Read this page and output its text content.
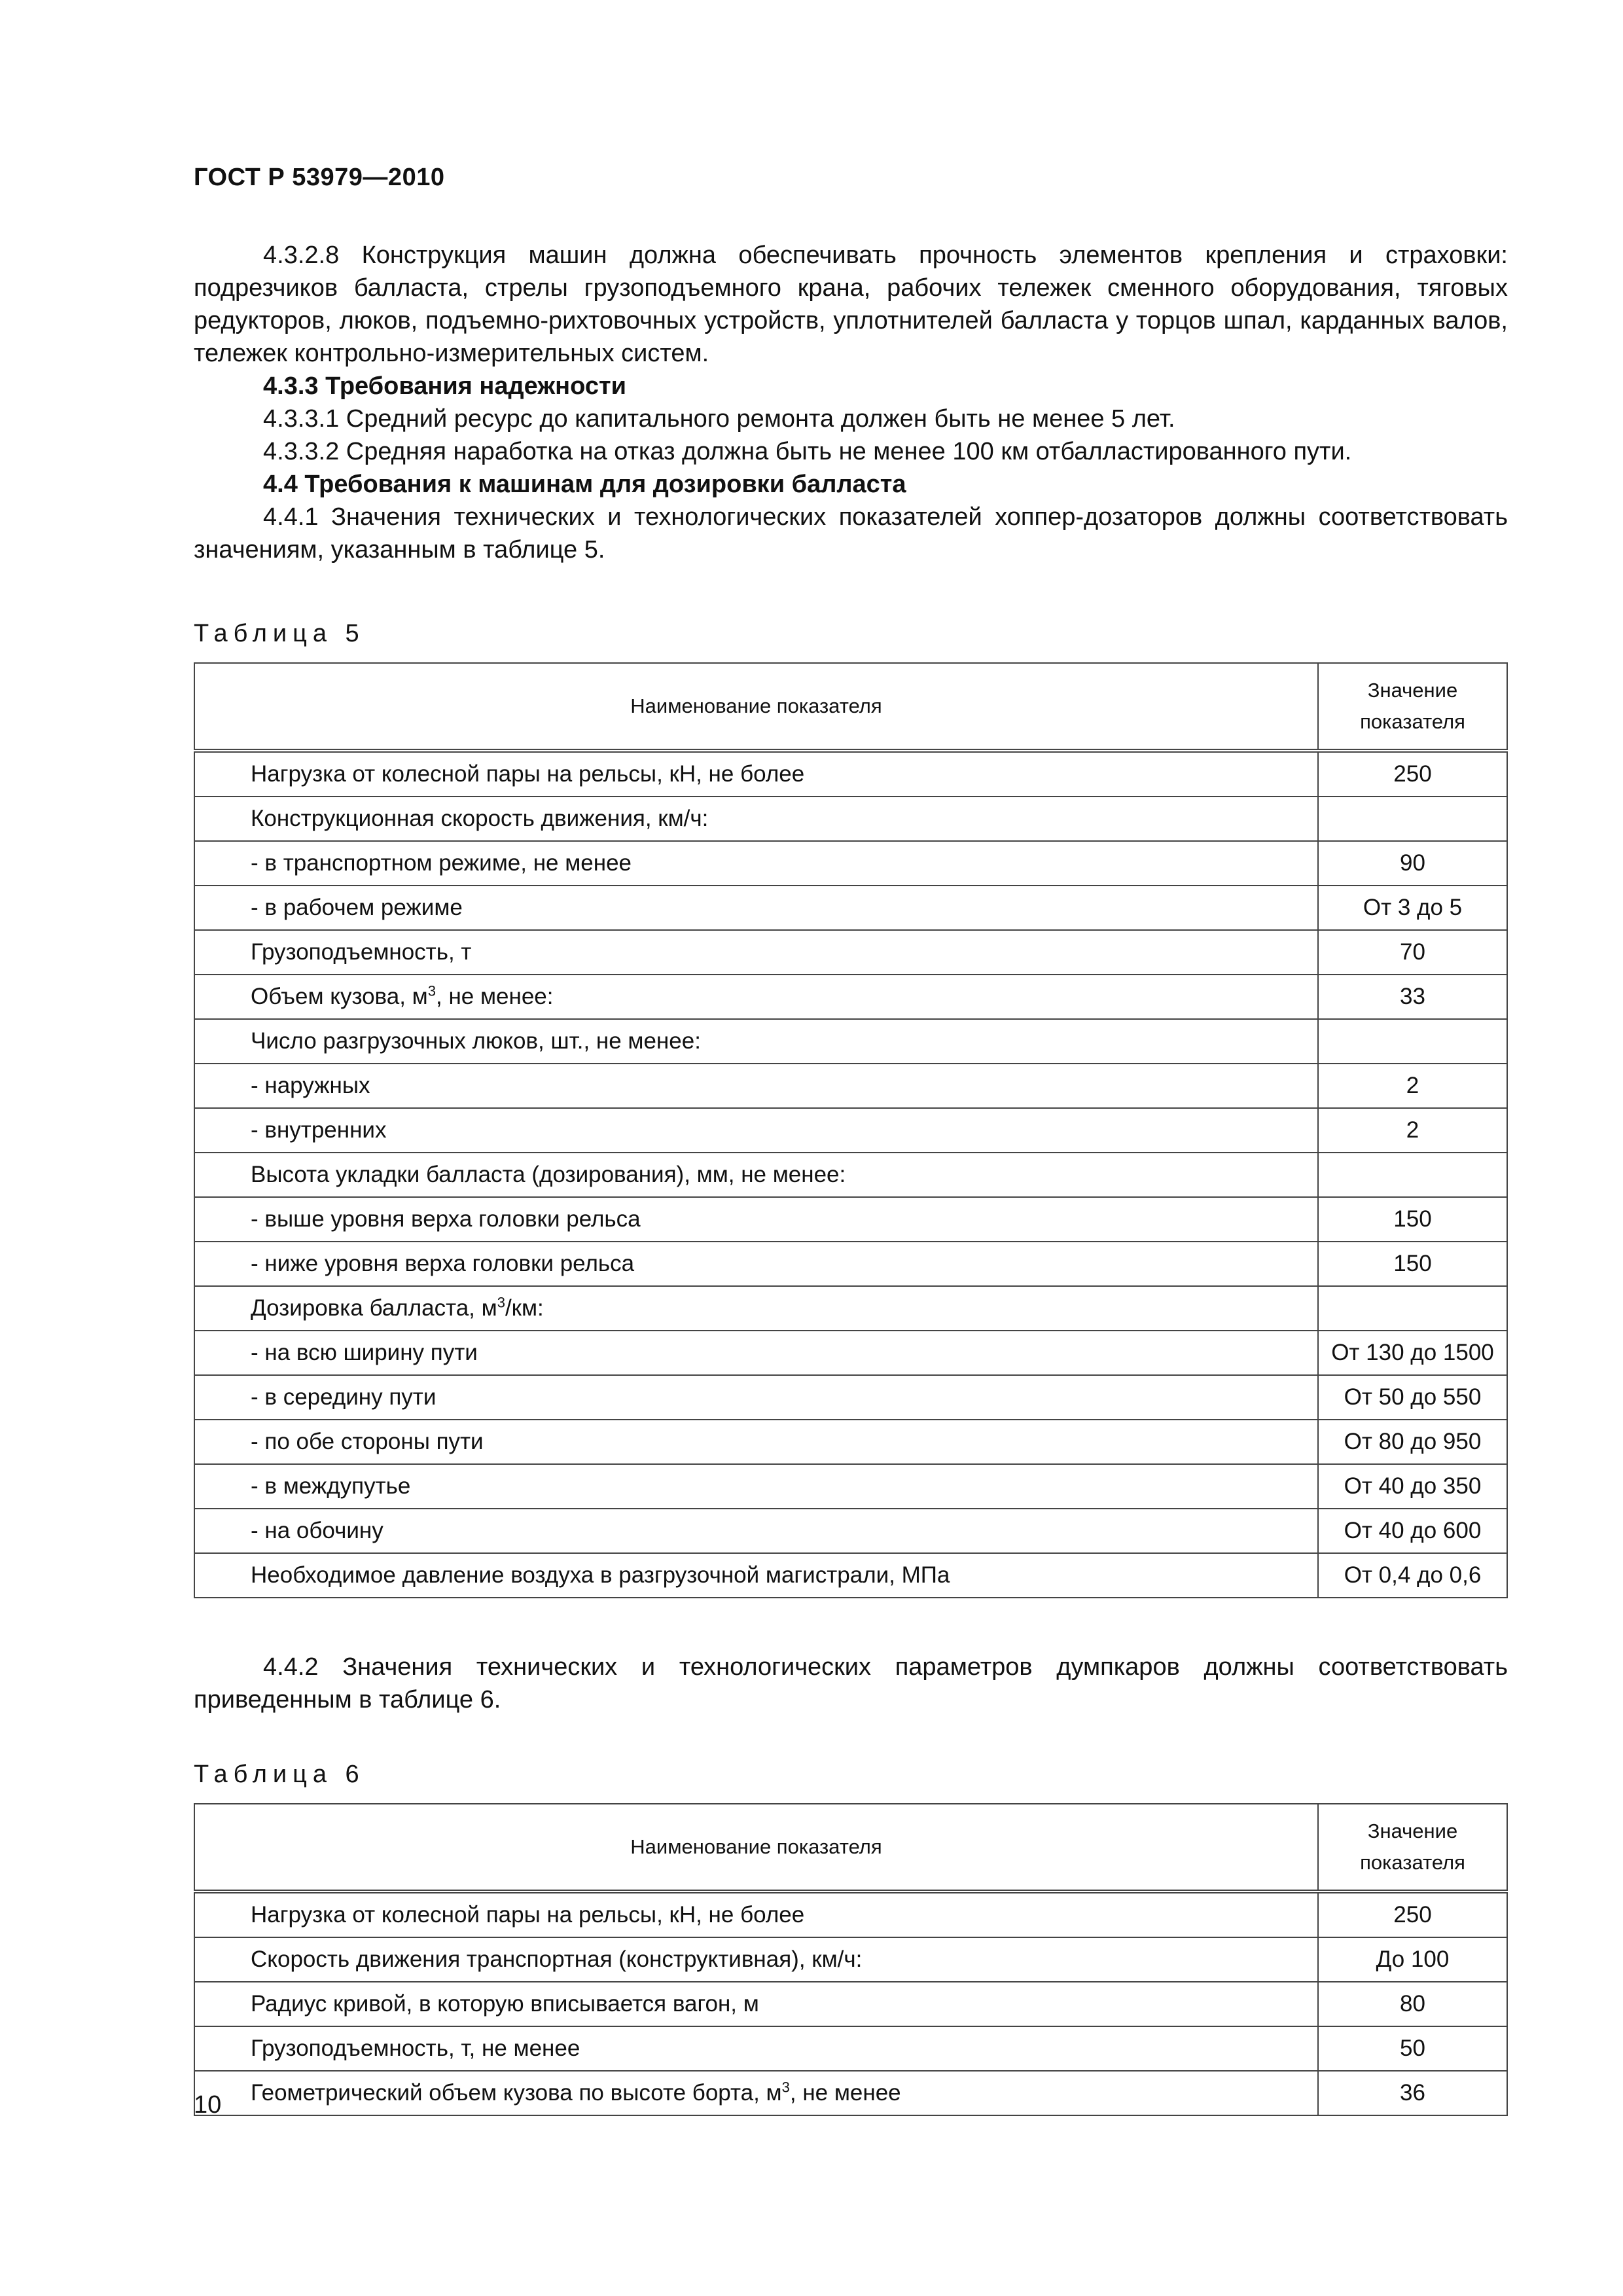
ГОСТ Р 53979—2010

4.3.2.8 Конструкция машин должна обеспечивать прочность элементов крепления и страховки: подрезчиков балласта, стрелы грузоподъемного крана, рабочих тележек сменного оборудования, тяговых редукторов, люков, подъемно-рихтовочных устройств, уплотнителей балласта у торцов шпал, карданных валов, тележек контрольно-измерительных систем.

4.3.3 Требования надежности

4.3.3.1 Средний ресурс до капитального ремонта должен быть не менее 5 лет.

4.3.3.2 Средняя наработка на отказ должна быть не менее 100 км отбалластированного пути.

4.4 Требования к машинам для дозировки балласта

4.4.1 Значения технических и технологических показателей хоппер-дозаторов должны соответствовать значениям, указанным в таблице 5.

Таблица 5
Наименование показателя	Значение
показателя
Нагрузка от колесной пары на рельсы, кН, не более	250
Конструкционная скорость движения, км/ч:	
- в транспортном режиме, не менее	90
- в рабочем режиме	От 3 до 5
Грузоподъемность, т	70
Объем кузова, $м^3$, не менее:	33
Число разгрузочных люков, шт., не менее:	
- наружных	2
- внутренних	2
Высота укладки балласта (дозирования), мм, не менее:	
- выше уровня верха головки рельса	150
- ниже уровня верха головки рельса	150
Дозировка балласта, $м^3/км$:	
- на всю ширину пути	От 130 до 1500
- в середину пути	От 50 до 550
- по обе стороны пути	От 80 до 950
- в междупутье	От 40 до 350
- на обочину	От 40 до 600
Необходимое давление воздуха в разгрузочной магистрали, МПа	От 0,4 до 0,6

4.4.2 Значения технических и технологических параметров думпкаров должны соответствовать приведенным в таблице 6.

Таблица 6
Наименование показателя	Значение
показателя
Нагрузка от колесной пары на рельсы, кН, не более	250
Скорость движения транспортная (конструктивная), км/ч:	До 100
Радиус кривой, в которую вписывается вагон, м	80
Грузоподъемность, т, не менее	50
Геометрический объем кузова по высоте борта, $м^3$, не менее	36
10
